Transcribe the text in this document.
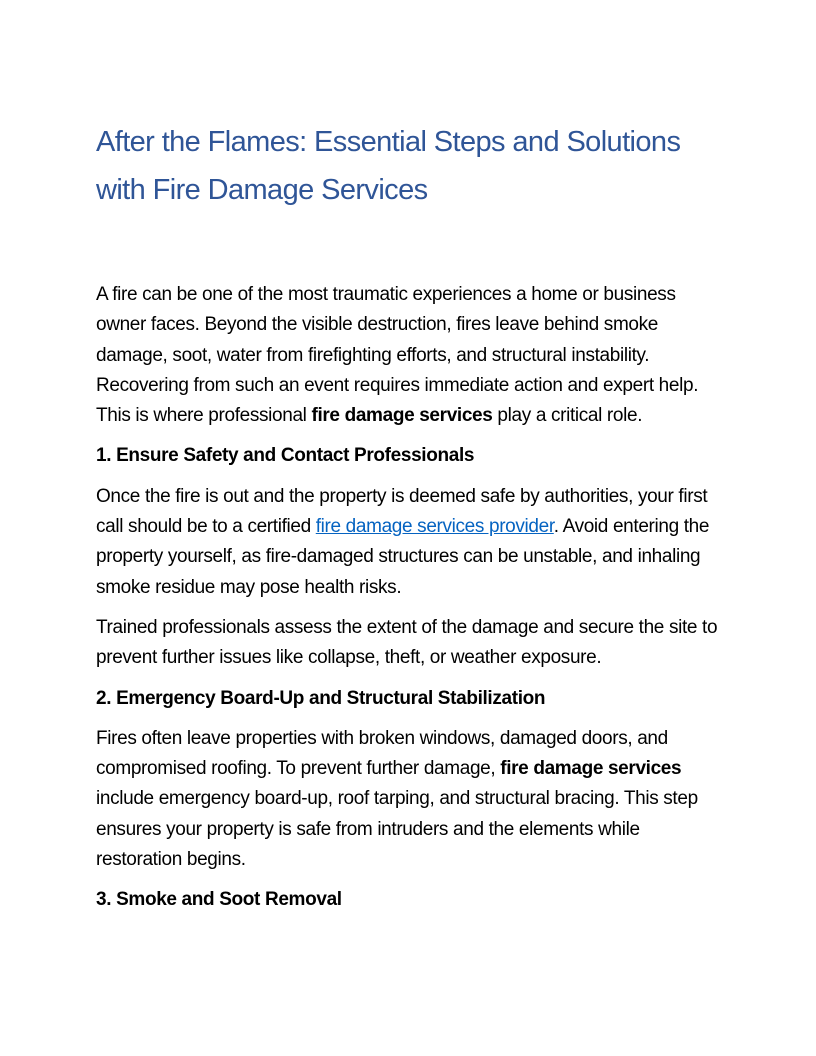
After the Flames: Essential Steps and Solutions
with Fire Damage Services

A fire can be one of the most traumatic experiences a home or business owner faces. Beyond the visible destruction, fires leave behind smoke damage, soot, water from firefighting efforts, and structural instability. Recovering from such an event requires immediate action and expert help. This is where professional fire damage services play a critical role.

1. Ensure Safety and Contact Professionals

Once the fire is out and the property is deemed safe by authorities, your first call should be to a certified fire damage services provider. Avoid entering the property yourself, as fire-damaged structures can be unstable, and inhaling smoke residue may pose health risks.

Trained professionals assess the extent of the damage and secure the site to prevent further issues like collapse, theft, or weather exposure.

2. Emergency Board-Up and Structural Stabilization

Fires often leave properties with broken windows, damaged doors, and compromised roofing. To prevent further damage, fire damage services include emergency board-up, roof tarping, and structural bracing. This step ensures your property is safe from intruders and the elements while restoration begins.

3. Smoke and Soot Removal
